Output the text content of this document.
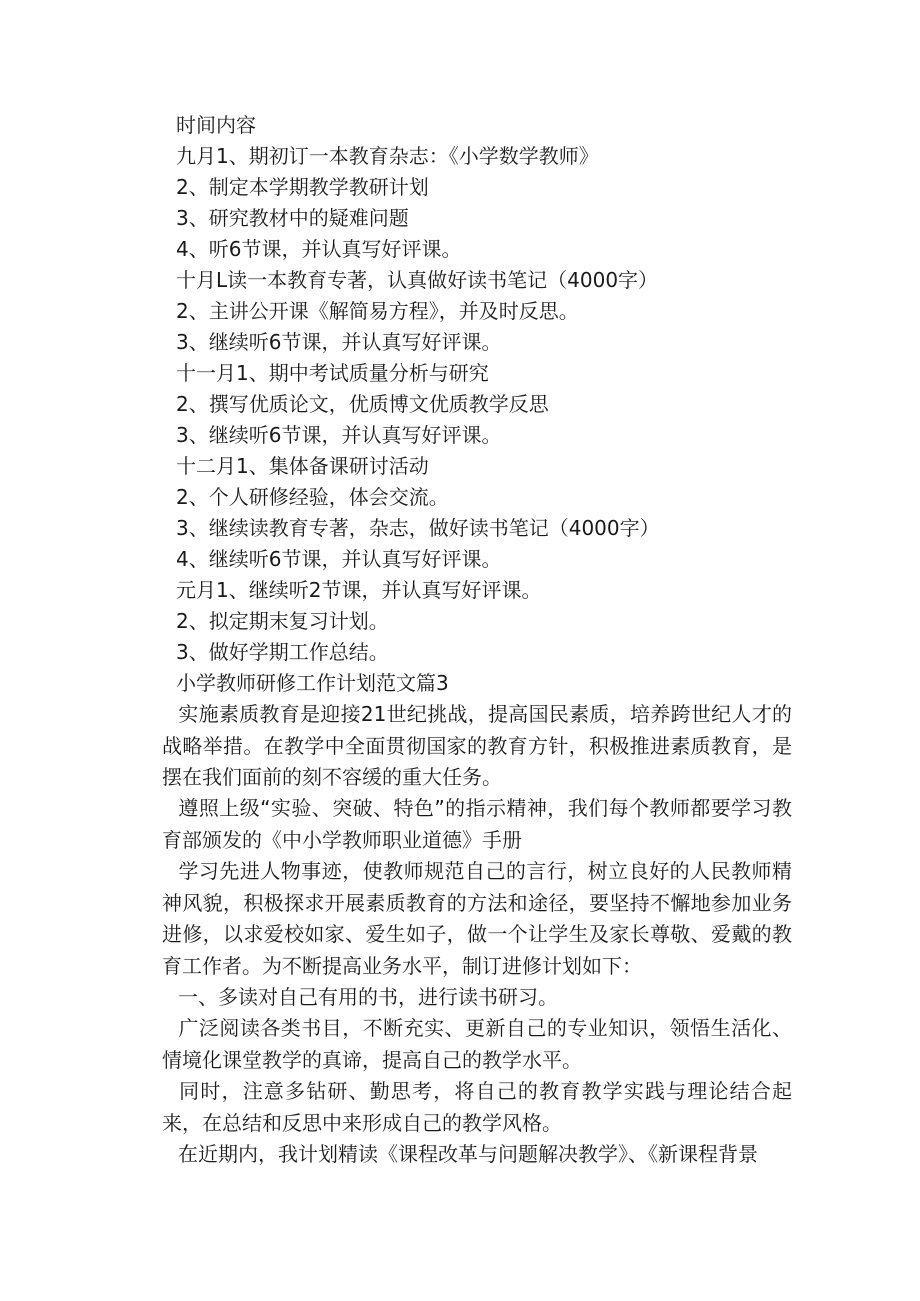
时间内容
九月1、期初订一本教育杂志：《小学数学教师》
2、制定本学期教学教研计划
3、研究教材中的疑难问题
4、听6节课，并认真写好评课。
十月L读一本教育专著，认真做好读书笔记（4000字）
2、主讲公开课《解简易方程》，并及时反思。
3、继续听6节课，并认真写好评课。
十一月1、期中考试质量分析与研究
2、撰写优质论文，优质博文优质教学反思
3、继续听6节课，并认真写好评课。
十二月1、集体备课研讨活动
2、个人研修经验，体会交流。
3、继续读教育专著，杂志，做好读书笔记（4000字）
4、继续听6节课，并认真写好评课。
元月1、继续听2节课，并认真写好评课。
2、拟定期末复习计划。
3、做好学期工作总结。
小学教师研修工作计划范文篇3
实施素质教育是迎接21世纪挑战，提高国民素质，培养跨世纪人才的战略举措。在教学中全面贯彻国家的教育方针，积极推进素质教育，是摆在我们面前的刻不容缓的重大任务。
遵照上级“实验、突破、特色”的指示精神，我们每个教师都要学习教育部颁发的《中小学教师职业道德》手册
学习先进人物事迹，使教师规范自己的言行，树立良好的人民教师精神风貌，积极探求开展素质教育的方法和途径，要坚持不懈地参加业务进修，以求爱校如家、爱生如子，做一个让学生及家长尊敬、爱戴的教育工作者。为不断提高业务水平，制订进修计划如下：
一、多读对自己有用的书，进行读书研习。
广泛阅读各类书目，不断充实、更新自己的专业知识，领悟生活化、情境化课堂教学的真谛，提高自己的教学水平。
同时，注意多钻研、勤思考，将自己的教育教学实践与理论结合起来，在总结和反思中来形成自己的教学风格。
在近期内，我计划精读《课程改革与问题解决教学》、《新课程背景
